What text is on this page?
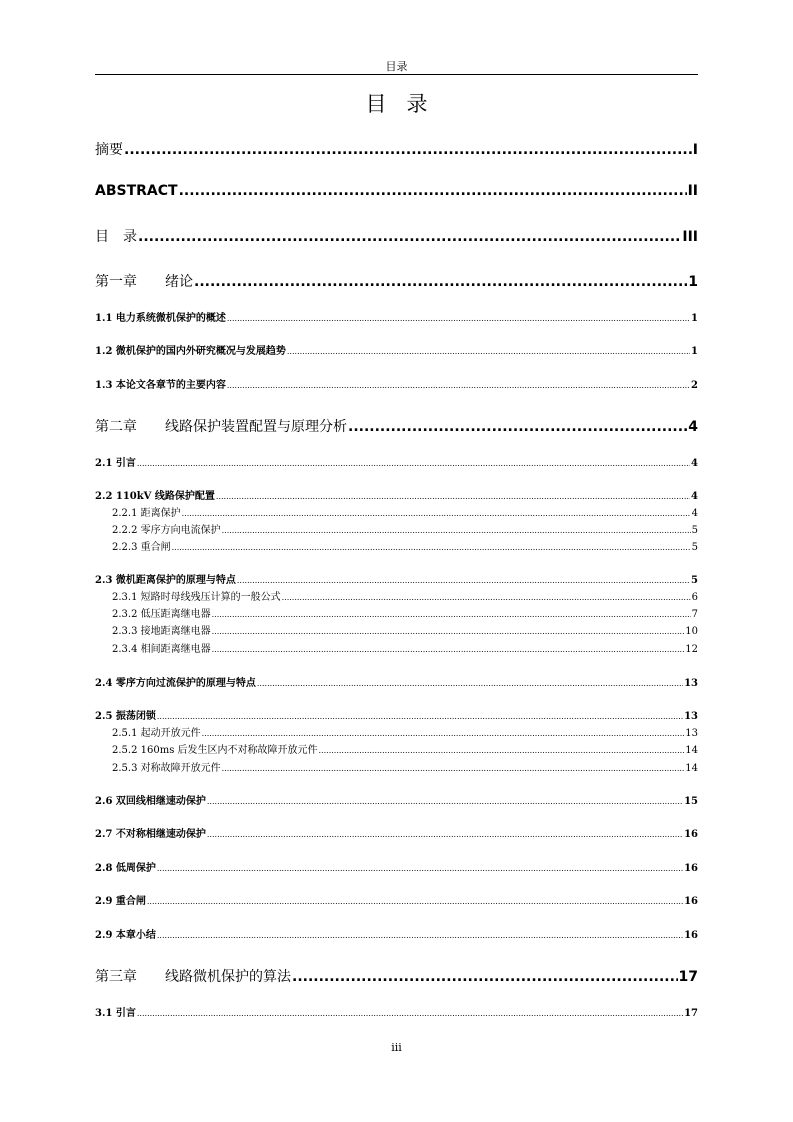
目录
目录
摘要 .....	I
ABSTRACT .....	II
目　录 .....	III
第一章 绪论 .....	1
1.1 电力系统微机保护的概述 .....	1
1.2 微机保护的国内外研究概况与发展趋势 .....	1
1.3 本论文各章节的主要内容 .....	2
第二章 线路保护装置配置与原理分析 .....	4
2.1 引言 .....	4
2.2 110kV 线路保护配置 .....	4
2.2.1 距离保护 .....	4
2.2.2 零序方向电流保护 .....	5
2.2.3 重合闸 .....	5
2.3 微机距离保护的原理与特点 .....	5
2.3.1 短路时母线残压计算的一般公式 .....	6
2.3.2 低压距离继电器 .....	7
2.3.3 接地距离继电器 .....	10
2.3.4 相间距离继电器 .....	12
2.4 零序方向过流保护的原理与特点 .....	13
2.5 振荡闭锁 .....	13
2.5.1 起动开放元件 .....	13
2.5.2 160ms 后发生区内不对称故障开放元件 .....	14
2.5.3 对称故障开放元件 .....	14
2.6 双回线相继速动保护 .....	15
2.7 不对称相继速动保护 .....	16
2.8 低周保护 .....	16
2.9 重合闸 .....	16
2.9 本章小结 .....	16
第三章 线路微机保护的算法 .....	17
3.1 引言 .....	17
iii
